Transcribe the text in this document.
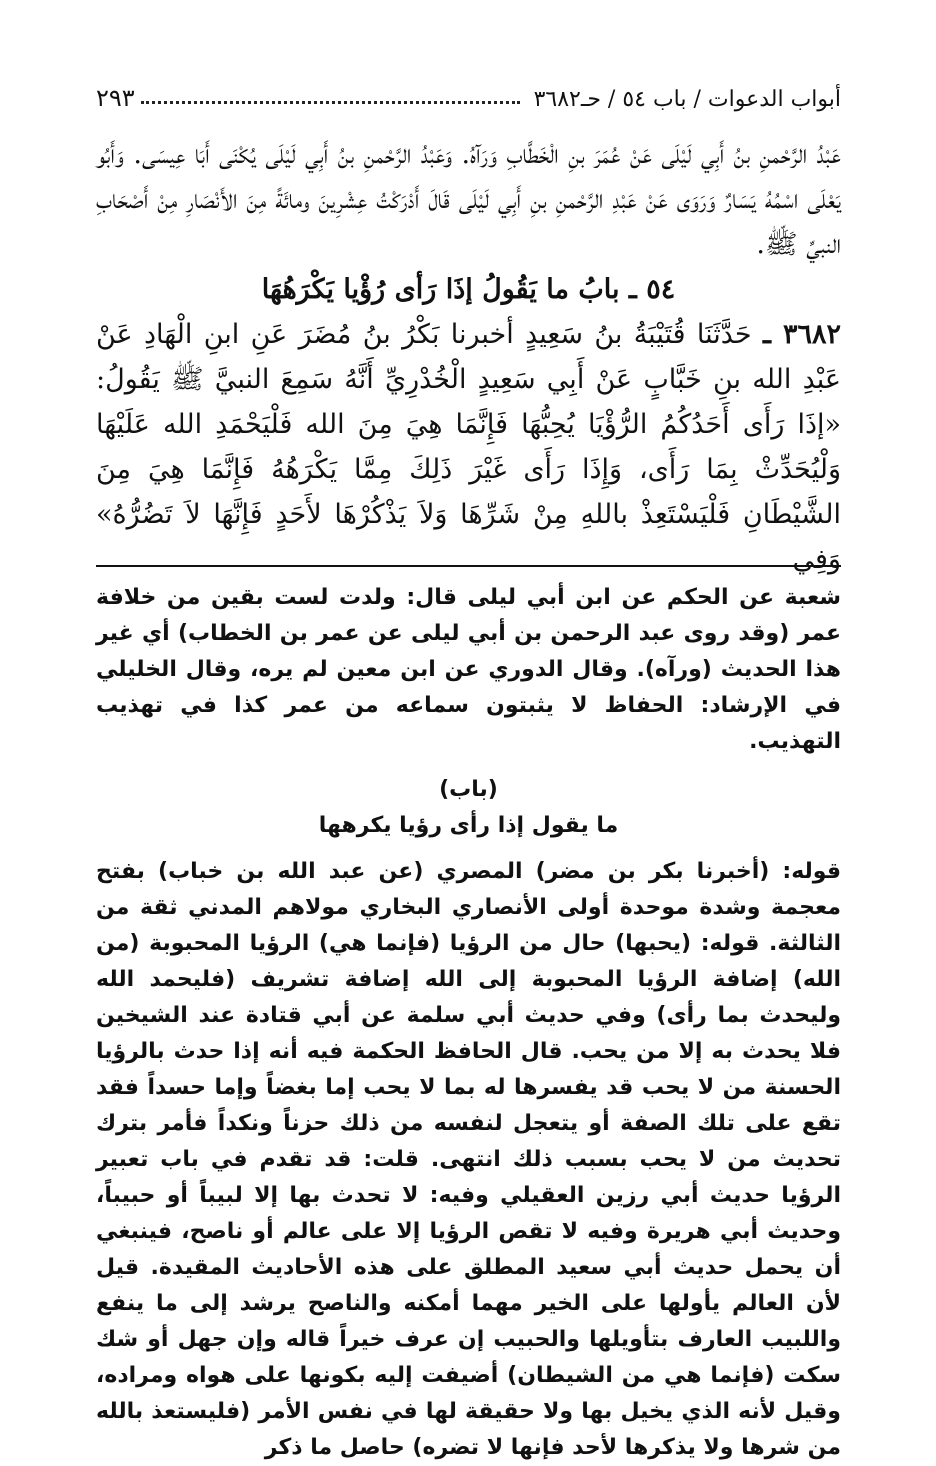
أبواب الدعوات / باب ٥٤ / حـ٣٦٨٢
٢٩٣

عَبْدُ الرَّحْمنِ بنُ أَبِي لَيْلَى عَنْ عُمَرَ بنِ الْخَطَّابِ وَرَآهُ. وَعَبْدُ الرَّحْمنِ بنُ أَبِي لَيْلَى يُكْنَى أَبَا عِيسَى. وَأَبُو يَعْلَى اسْمُهُ يَسَارٌ وَرَوَى عَنْ عَبْدِ الرَّحْمنِ بنِ أَبِي لَيْلَى قَالَ أَدْرَكْتُ عِشْرِينَ ومائَةً مِنَ الأَنْصَارِ مِنْ أَصْحَابِ النبيِّ ﷺ.

٥٤ ـ بابُ ما يَقُولُ إذَا رَأى رُؤْيا يَكْرَهُهَا

٣٦٨٢ ـ حَدَّثَنَا قُتَيْبَةُ بنُ سَعِيدٍ أخبرنا بَكْرُ بنُ مُضَرَ عَنِ ابنِ الْهَادِ عَنْ عَبْدِ الله بنِ خَبَّابٍ عَنْ أَبِي سَعِيدٍ الْخُدْرِيِّ أَنَّهُ سَمِعَ النبيَّ ﷺ يَقُولُ: «إذَا رَأَى أَحَدُكُمُ الرُّؤْيَا يُحِبُّهَا فَإِنَّمَا هِيَ مِنَ الله فَلْيَحْمَدِ الله عَلَيْهَا وَلْيُحَدِّثْ بِمَا رَأَى، وَإِذَا رَأَى غَيْرَ ذَلِكَ مِمَّا يَكْرَهُهُ فَإِنَّمَا هِيَ مِنَ الشَّيْطَانِ فَلْيَسْتَعِذْ باللهِ مِنْ شَرِّهَا وَلاَ يَذْكُرْهَا لأَحَدٍ فَإِنَّهَا لاَ تَضُرُّهُ» وَفِي

شعبة عن الحكم عن ابن أبي ليلى قال: ولدت لست بقين من خلافة عمر (وقد روى عبد الرحمن بن أبي ليلى عن عمر بن الخطاب) أي غير هذا الحديث (ورآه). وقال الدوري عن ابن معين لم يره، وقال الخليلي في الإرشاد: الحفاظ لا يثبتون سماعه من عمر كذا في تهذيب التهذيب.

(باب)

ما يقول إذا رأى رؤيا يكرهها

قوله: (أخبرنا بكر بن مضر) المصري (عن عبد الله بن خباب) بفتح معجمة وشدة موحدة أولى الأنصاري البخاري مولاهم المدني ثقة من الثالثة. قوله: (يحبها) حال من الرؤيا (فإنما هي) الرؤيا المحبوبة (من الله) إضافة الرؤيا المحبوبة إلى الله إضافة تشريف (فليحمد الله وليحدث بما رأى) وفي حديث أبي سلمة عن أبي قتادة عند الشيخين فلا يحدث به إلا من يحب. قال الحافظ الحكمة فيه أنه إذا حدث بالرؤيا الحسنة من لا يحب قد يفسرها له بما لا يحب إما بغضاً وإما حسداً فقد تقع على تلك الصفة أو يتعجل لنفسه من ذلك حزناً ونكداً فأمر بترك تحديث من لا يحب بسبب ذلك انتهى. قلت: قد تقدم في باب تعبير الرؤيا حديث أبي رزين العقيلي وفيه: لا تحدث بها إلا لبيباً أو حبيباً، وحديث أبي هريرة وفيه لا تقص الرؤيا إلا على عالم أو ناصح، فينبغي أن يحمل حديث أبي سعيد المطلق على هذه الأحاديث المقيدة. قيل لأن العالم يأولها على الخير مهما أمكنه والناصح يرشد إلى ما ينفع واللبيب العارف بتأويلها والحبيب إن عرف خيراً قاله وإن جهل أو شك سكت (فإنما هي من الشيطان) أضيفت إليه بكونها على هواه ومراده، وقيل لأنه الذي يخيل بها ولا حقيقة لها في نفس الأمر (فليستعذ بالله من شرها ولا يذكرها لأحد فإنها لا تضره) حاصل ما ذكر
